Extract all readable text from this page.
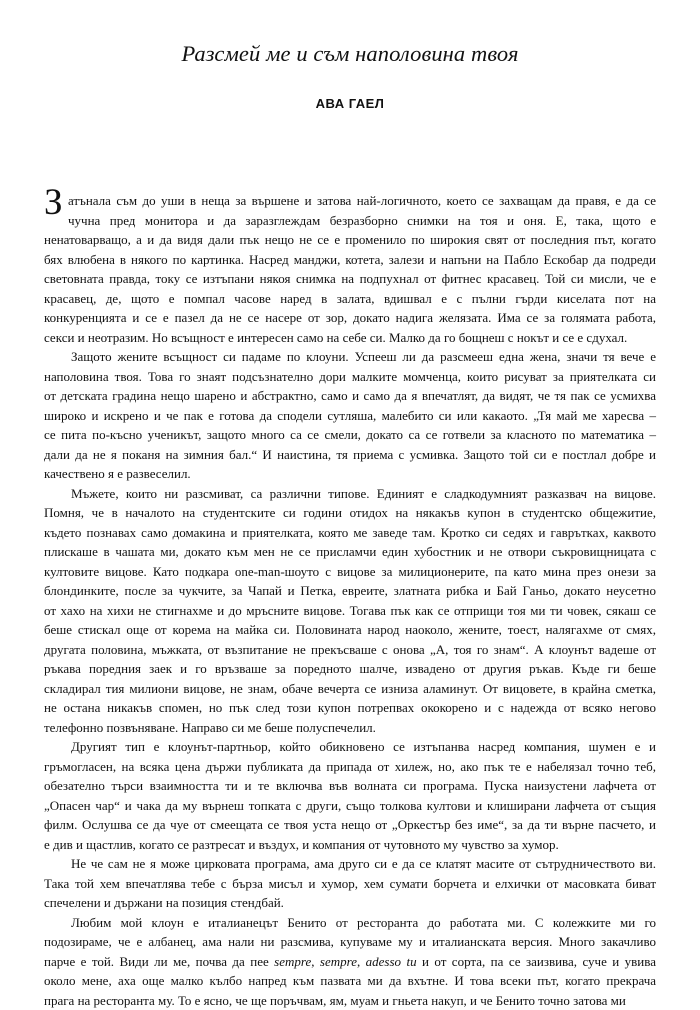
Разсмей ме и съм наполовина твоя
АВА ГАЕЛ
З атънала съм до уши в неща за вършене и затова най-логичното, което се захващам да правя, е да се
чучна пред монитора и да заразглеждам безразборно снимки на тоя и оня. Е, така, щото е
ненатоварващо, а и да видя дали пък нещо не се е променило по широкия свят от последния път, когато
бях влюбена в някого по картинка. Насред манджи, котета, залези и напъни на Пабло Ескобар да подреди
световната правда, току се изтъпани някоя снимка на подпухнал от фитнес красавец. Той си мисли, че е
красавец, де, щото е помпал часове наред в залата, вдишвал е с пълни гърди киселата пот на
конкуренцията и се е пазел да не се насере от зор, докато надига желязата. Има се за голямата работа,
секси и неотразим. Но всъщност е интересен само на себе си. Малко да го бощнеш с нокът и се е сдухал.
Защото жените всъщност си падаме по клоуни. Успееш ли да разсмееш една жена, значи тя вече е
наполовина твоя. Това го знаят подсъзнателно дори малките момченца, които рисуват за приятелката си
от детската градина нещо шарено и абстрактно, само и само да я впечатлят, да видят, че тя пак се усмихва
широко и искрено и че пак е готова да сподели сутляша, малебито си или какаото. „Тя май ме харесва –
се пита по-късно ученикът, защото много са се смели, докато са се готвели за класното по математика –
дали да не я поканя на зимния бал.“ И наистина, тя приема с усмивка. Защото той си е постлал добре и
качествено я е развеселил.
Мъжете, които ни разсмиват, са различни типове. Единият е сладкодумният разказвач на вицове.
Помня, че в началото на студентските си години отидох на някакъв купон в студентско общежитие,
където познавах само домакина и приятелката, която ме заведе там. Кротко си седях и гаврътках, каквото
плискаше в чашата ми, докато към мен не се присламчи един хубостник и не отвори съкровищницата с
култовите вицове. Като подкара one-man-шоуто с вицове за милиционерите, па като мина през онези за
блондинките, после за чукчите, за Чапай и Петка, евреите, златната рибка и Бай Ганьо, докато неусетно
от хахо на хихи не стигнахме и до мръсните вицове. Тогава пък как се отприщи тоя ми ти човек, сякаш се
беше стискал още от корема на майка си. Половината народ наоколо, жените, тоест, налягахме от смях,
другата половина, мъжката, от възпитание не прекъсваше с онова „А, тоя го знам“. А клоунът вадеше от
ръкава поредния заек и го връзваше за поредното шалче, извадено от другия ръкав. Къде ги беше
складирал тия милиони вицове, не знам, обаче вечерта се изниза аламинут. От вицовете, в крайна сметка,
не остана никакъв спомен, но пък след този купон потрепвах ококорено и с надежда от всяко негово
телефонно позвъняване. Направо си ме беше полуспечелил.
Другият тип е клоунът-партньор, който обикновено се изтъпанва насред компания, шумен е и
гръмогласен, на всяка цена държи публиката да припада от хилеж, но, ако пък те е набелязал точно теб,
обезателно търси взаимността ти и те включва във волната си програма. Пуска наизустени лафчета от
„Опасен чар“ и чака да му върнеш топката с други, също толкова култови и клиширани лафчета от същия
филм. Ослушва се да чуе от смеещата се твоя уста нещо от „Оркестър без име“, за да ти върне пасчето, и
е див и щастлив, когато се разтресат и въздух, и компания от чутовното му чувство за хумор.
Не че сам не я може цирковата програма, ама друго си е да се клатят масите от сътрудничеството ви.
Така той хем впечатлява тебе с бърза мисъл и хумор, хем сумати борчета и елхички от масовката биват
спечелени и държани на позиция стендбай.
Любим мой клоун е италианецът Бенито от ресторанта до работата ми. С колежките ми го
подозираме, че е албанец, ама нали ни разсмива, купуваме му и италианската версия. Много закачливо
парче е той. Види ли ме, почва да пее sempre, sempre, adesso tu и от сорта, па се заизвива, суче и увива
около мене, аха още малко кълбо напред към пазвата ми да вхътне. И това всеки път, когато прекрача
прага на ресторанта му. То е ясно, че ще поръчвам, ям, муам и гньета накуп, и че Бенито точно затова ми
